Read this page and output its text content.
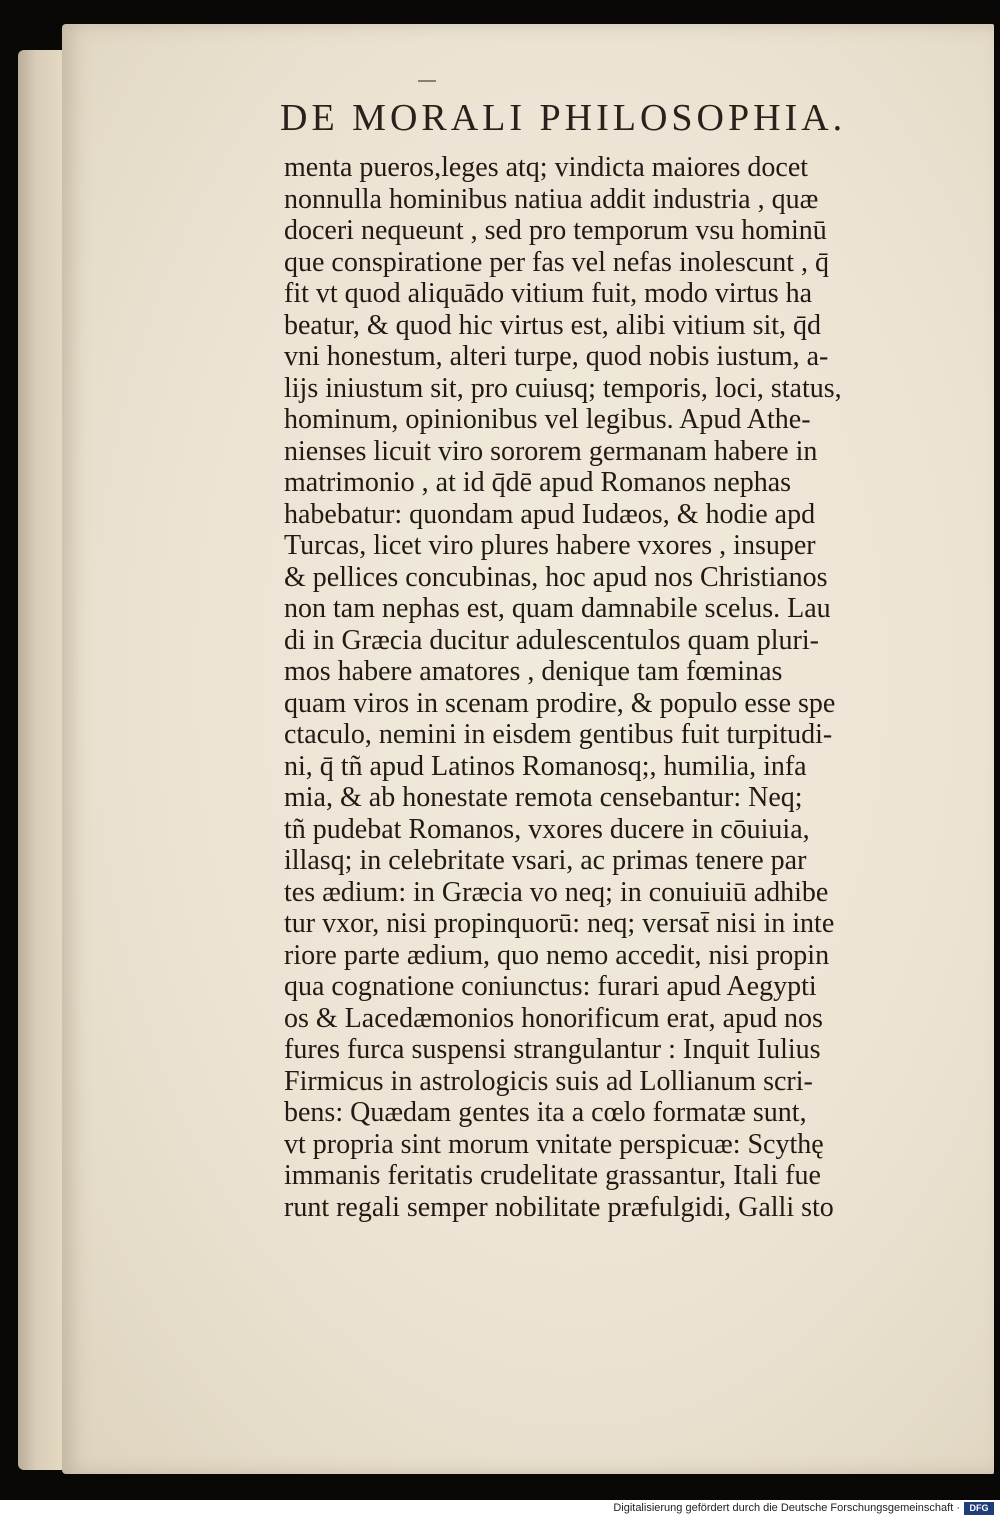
DE MORALI PHILOSOPHIA.
menta pueros,leges atq; vindicta maiores docet
nonnulla hominibus natiua addit industria , quæ
doceri nequeunt , sed pro temporum vsu hominū
que conspiratione per fas vel nefas inolescunt , q̄
fit vt quod aliquādo vitium fuit, modo virtus ha
beatur, & quod hic virtus est, alibi vitium sit, q̄d
vni honestum, alteri turpe, quod nobis iustum, a-
lijs iniustum sit, pro cuiusq; temporis, loci, status,
hominum, opinionibus vel legibus. Apud Athe-
nienses licuit viro sororem germanam habere in
matrimonio , at id q̄dē apud Romanos nephas
habebatur: quondam apud Iudæos, & hodie apd
Turcas, licet viro plures habere vxores , insuper
& pellices concubinas, hoc apud nos Christianos
non tam nephas est, quam damnabile scelus. Lau
di in Græcia ducitur adulescentulos quam pluri-
mos habere amatores , denique tam fœminas
quam viros in scenam prodire, & populo esse spe
ctaculo, nemini in eisdem gentibus fuit turpitudi-
ni, q̄ tñ apud Latinos Romanosq;, humilia, infa
mia, & ab honestate remota censebantur: Neq;
tñ pudebat Romanos, vxores ducere in cōuiuia,
illasq; in celebritate vsari, ac primas tenere par
tes ædium: in Græcia vo neq; in conuiuiū adhibe
tur vxor, nisi propinquorū: neq; versat̄ nisi in inte
riore parte ædium, quo nemo accedit, nisi propin
qua cognatione coniunctus: furari apud Aegypti
os & Lacedæmonios honorificum erat, apud nos
fures furca suspensi strangulantur : Inquit Iulius
Firmicus in astrologicis suis ad Lollianum scri-
bens: Quædam gentes ita a cœlo formatæ sunt,
vt propria sint morum vnitate perspicuæ: Scythę
immanis feritatis crudelitate grassantur, Itali fue
runt regali semper nobilitate præfulgidi, Galli sto
Digitalisierung gefördert durch die Deutsche Forschungsgemeinschaft ·	DFG
